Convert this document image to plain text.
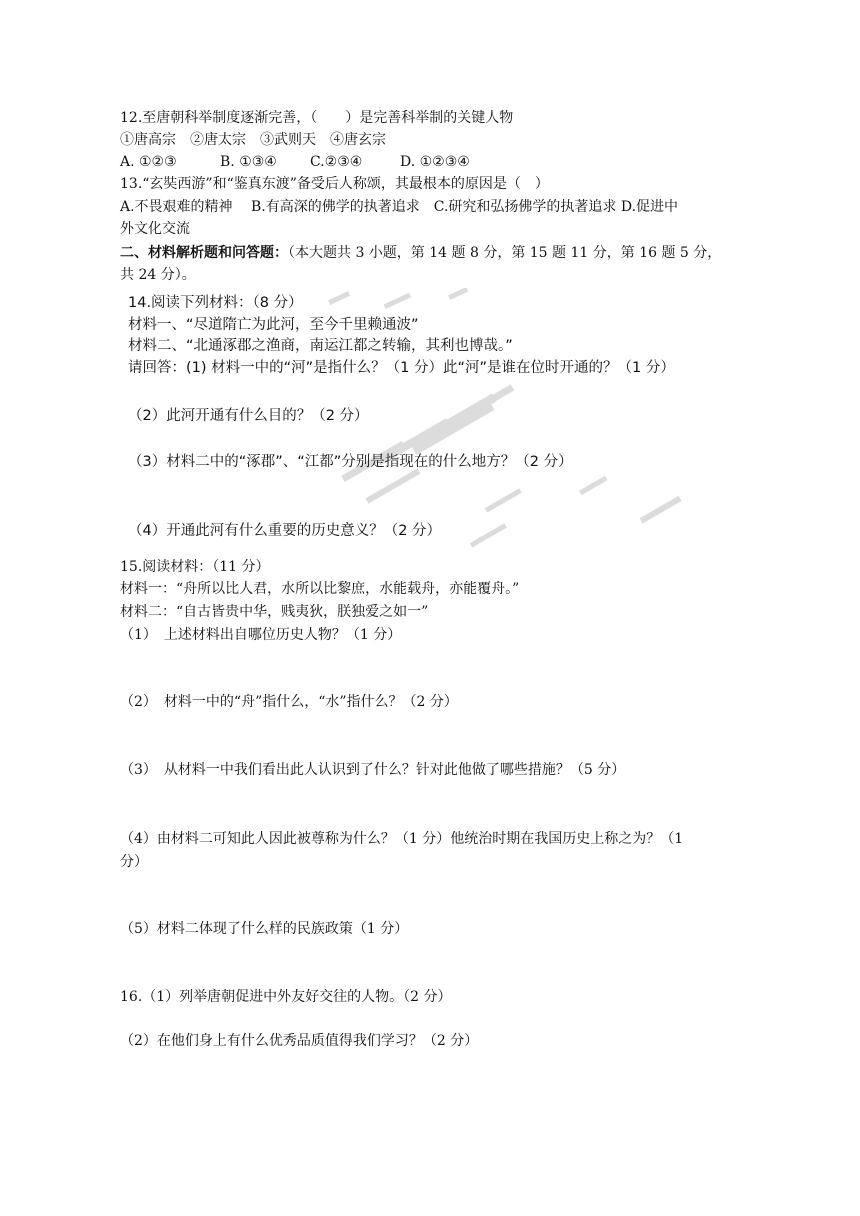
12.至唐朝科举制度逐渐完善，（　　）是完善科举制的关键人物
①唐高宗　②唐太宗　③武则天　④唐玄宗
A. ①②③	B. ①③④ C.②③④	D. ①②③④
13.“玄奘西游”和“鉴真东渡”备受后人称颂，其最根本的原因是（　）
A.不畏艰难的精神　 B.有高深的佛学的执著追求　C.研究和弘扬佛学的执著追求 D.促进中
外文化交流
二、材料解析题和问答题：（本大题共 3 小题，第 14 题 8 分，第 15 题 11 分，第 16 题 5 分，
共 24 分）。
14.阅读下列材料：（8 分）
材料一、“尽道隋亡为此河，至今千里赖通波”
材料二、“北通涿郡之渔商，南运江都之转输，其利也博哉。”
请回答：(1) 材料一中的“河”是指什么？（1 分）此“河”是谁在位时开通的？（1 分）
（2）此河开通有什么目的？（2 分）
（3）材料二中的“涿郡”、“江都”分别是指现在的什么地方？（2 分）
（4）开通此河有什么重要的历史意义？（2 分）
15.阅读材料：（11 分）
材料一：“舟所以比人君，水所以比黎庶，水能载舟，亦能覆舟。”
材料二：“自古皆贵中华，贱夷狄，朕独爱之如一”
（1）　上述材料出自哪位历史人物？（1 分）
（2）　材料一中的“舟”指什么，“水”指什么？（2 分）
（3）　从材料一中我们看出此人认识到了什么？针对此他做了哪些措施？（5 分）
（4）由材料二可知此人因此被尊称为什么？（1 分）他统治时期在我国历史上称之为？（1
分）
（5）材料二体现了什么样的民族政策（1 分）
16.（1）列举唐朝促进中外友好交往的人物。（2 分）
（2）在他们身上有什么优秀品质值得我们学习？（2 分）
